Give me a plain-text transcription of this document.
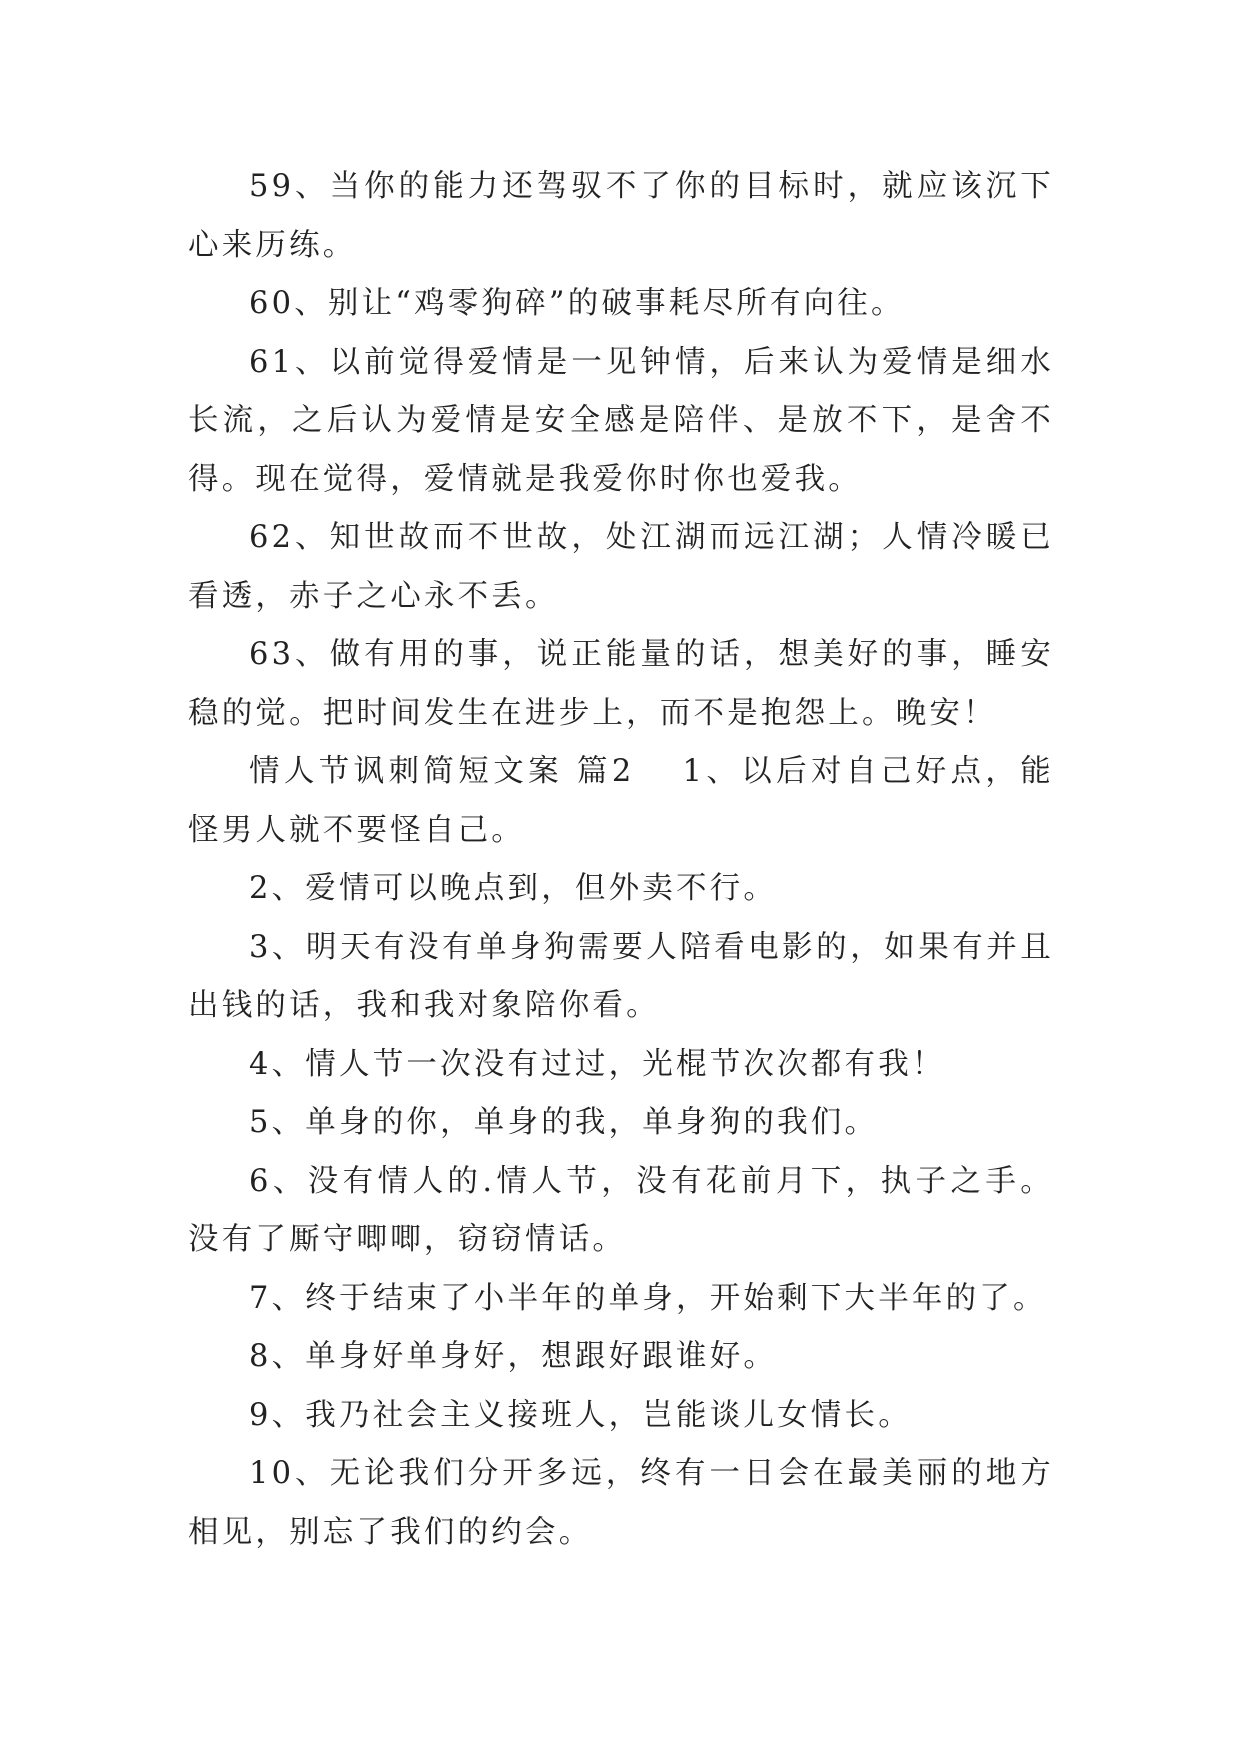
59、当你的能力还驾驭不了你的目标时，就应该沉下心来历练。

60、别让“鸡零狗碎”的破事耗尽所有向往。

61、以前觉得爱情是一见钟情，后来认为爱情是细水长流，之后认为爱情是安全感是陪伴、是放不下，是舍不得。现在觉得，爱情就是我爱你时你也爱我。

62、知世故而不世故，处江湖而远江湖；人情冷暖已看透，赤子之心永不丢。

63、做有用的事，说正能量的话，想美好的事，睡安稳的觉。把时间发生在进步上，而不是抱怨上。晚安！

情人节讽刺简短文案 篇2 1、以后对自己好点，能怪男人就不要怪自己。

2、爱情可以晚点到，但外卖不行。

3、明天有没有单身狗需要人陪看电影的，如果有并且出钱的话，我和我对象陪你看。

4、情人节一次没有过过，光棍节次次都有我！

5、单身的你，单身的我，单身狗的我们。

6、没有情人的.情人节，没有花前月下，执子之手。没有了厮守唧唧，窃窃情话。

7、终于结束了小半年的单身，开始剩下大半年的了。

8、单身好单身好，想跟好跟谁好。

9、我乃社会主义接班人，岂能谈儿女情长。

10、无论我们分开多远，终有一日会在最美丽的地方相见，别忘了我们的约会。
